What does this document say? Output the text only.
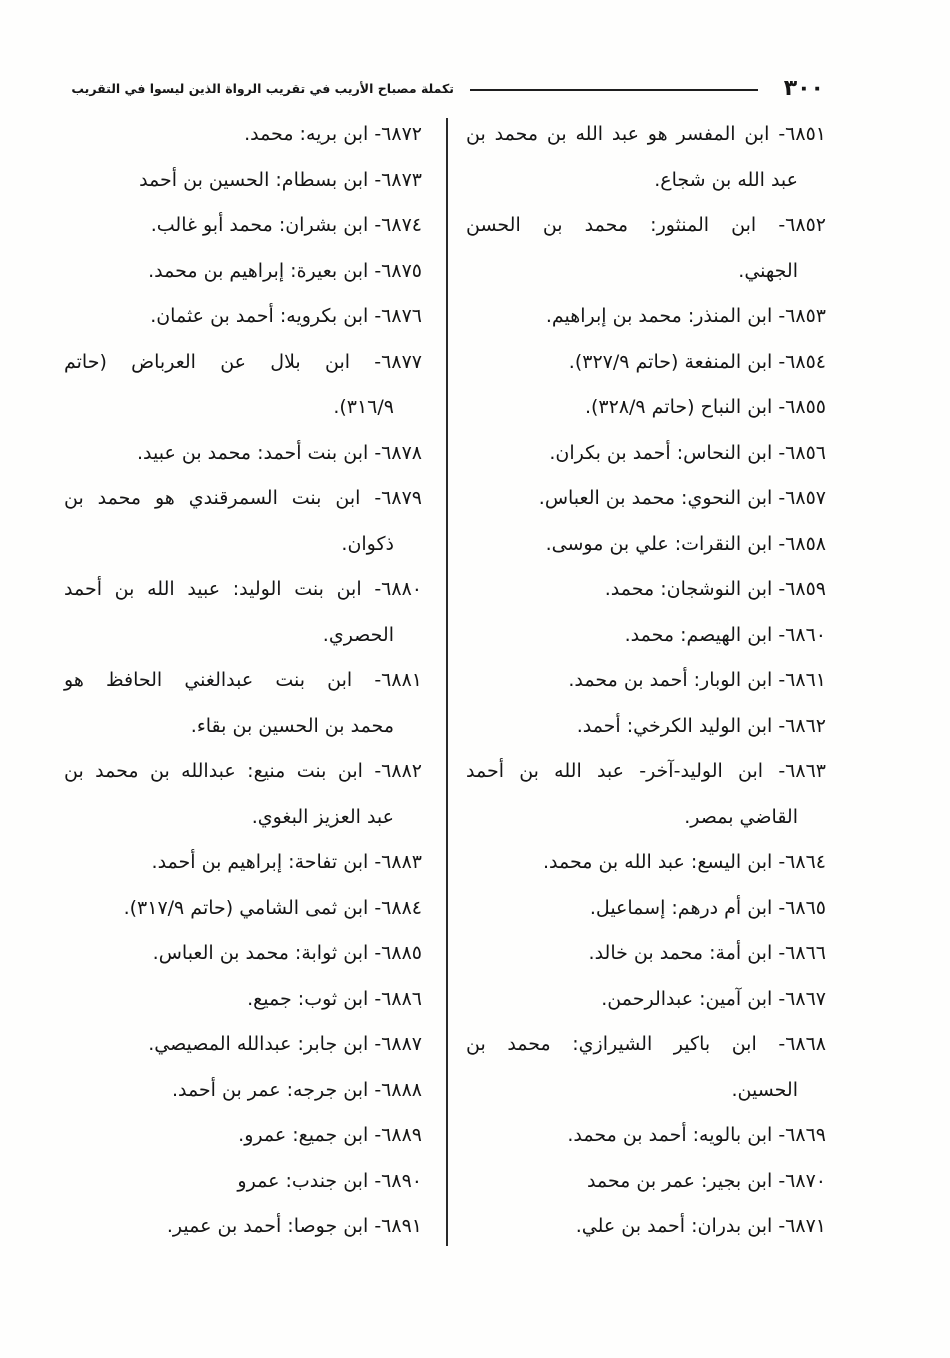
٣٠٠
تكملة مصباح الأريب في تقريب الرواة الذين ليسوا في التقريب
٦٨٥١- ابن المفسر هو عبد الله بن محمد بن
عبد الله بن شجاع.
٦٨٥٢- ابن المنثور: محمد بن الحسن
الجهني.
٦٨٥٣- ابن المنذر: محمد بن إبراهيم.
٦٨٥٤- ابن المنفعة (حاتم ٣٢٧/٩).
٦٨٥٥- ابن النباح (حاتم ٣٢٨/٩).
٦٨٥٦- ابن النحاس: أحمد بن بكران.
٦٨٥٧- ابن النحوي: محمد بن العباس.
٦٨٥٨- ابن النقرات: علي بن موسى.
٦٨٥٩- ابن النوشجان: محمد.
٦٨٦٠- ابن الهيصم: محمد.
٦٨٦١- ابن الوبار: أحمد بن محمد.
٦٨٦٢- ابن الوليد الكرخي: أحمد.
٦٨٦٣- ابن الوليد-آخر- عبد الله بن أحمد
القاضي بمصر.
٦٨٦٤- ابن اليسع: عبد الله بن محمد.
٦٨٦٥- ابن أم درهم: إسماعيل.
٦٨٦٦- ابن أمة: محمد بن خالد.
٦٨٦٧- ابن آمين: عبدالرحمن.
٦٨٦٨- ابن باكير الشيرازي: محمد بن
الحسين.
٦٨٦٩- ابن بالويه: أحمد بن محمد.
٦٨٧٠- ابن بجير: عمر بن محمد
٦٨٧١- ابن بدران: أحمد بن علي.
٦٨٧٢- ابن بريه: محمد.
٦٨٧٣- ابن بسطام: الحسين بن أحمد
٦٨٧٤- ابن بشران: محمد أبو غالب.
٦٨٧٥- ابن بعيرة: إبراهيم بن محمد.
٦٨٧٦- ابن بكرويه: أحمد بن عثمان.
٦٨٧٧- ابن بلال عن العرباض (حاتم
٣١٦/٩).
٦٨٧٨- ابن بنت أحمد: محمد بن عبيد.
٦٨٧٩- ابن بنت السمرقندي هو محمد بن
ذكوان.
٦٨٨٠- ابن بنت الوليد: عبيد الله بن أحمد
الحصري.
٦٨٨١- ابن بنت عبدالغني الحافظ هو
محمد بن الحسين بن بقاء.
٦٨٨٢- ابن بنت منيع: عبدالله بن محمد بن
عبد العزيز البغوي.
٦٨٨٣- ابن تفاحة: إبراهيم بن أحمد.
٦٨٨٤- ابن ثمى الشامي (حاتم ٣١٧/٩).
٦٨٨٥- ابن ثوابة: محمد بن العباس.
٦٨٨٦- ابن ثوب: جميع.
٦٨٨٧- ابن جابر: عبدالله المصيصي.
٦٨٨٨- ابن جرجه: عمر بن أحمد.
٦٨٨٩- ابن جميع: عمرو.
٦٨٩٠- ابن جندب: عمرو
٦٨٩١- ابن جوصا: أحمد بن عمير.
